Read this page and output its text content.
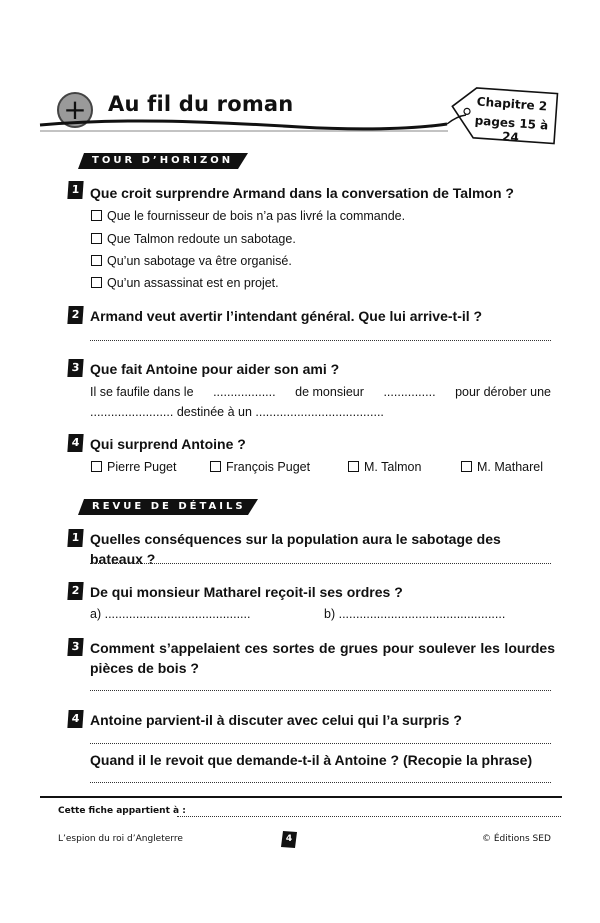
+ Au fil du roman	Chapitre 2
pages 15 à 24
TOUR D’HORIZON
1 Que croit surprendre Armand dans la conversation de Talmon ?
Que le fournisseur de bois n’a pas livré la commande.
Que Talmon redoute un sabotage.
Qu’un sabotage va être organisé.
Qu’un assassinat est en projet.
2 Armand veut avertir l’intendant général. Que lui arrive-t-il ?
3 Que fait Antoine pour aider son ami ?
Il se faufile dans le .................. de monsieur ............... pour dérober une
........................ destinée à un .....................................
4 Qui surprend Antoine ?
Pierre Puget	François Puget	M. Talmon	M. Matharel
REVUE DE DÉTAILS
1 Quelles conséquences sur la population aura le sabotage des bateaux ?
2 De qui monsieur Matharel reçoit-il ses ordres ?
a) ..........................................	b) ................................................
3 Comment s’appelaient ces sortes de grues pour soulever les lourdes pièces de bois ?
4 Antoine parvient-il à discuter avec celui qui l’a surpris ?
Quand il le revoit que demande-t-il à Antoine ? (Recopie la phrase)
Cette fiche appartient à :
L’espion du roi d’Angleterre	4	© Éditions SED
